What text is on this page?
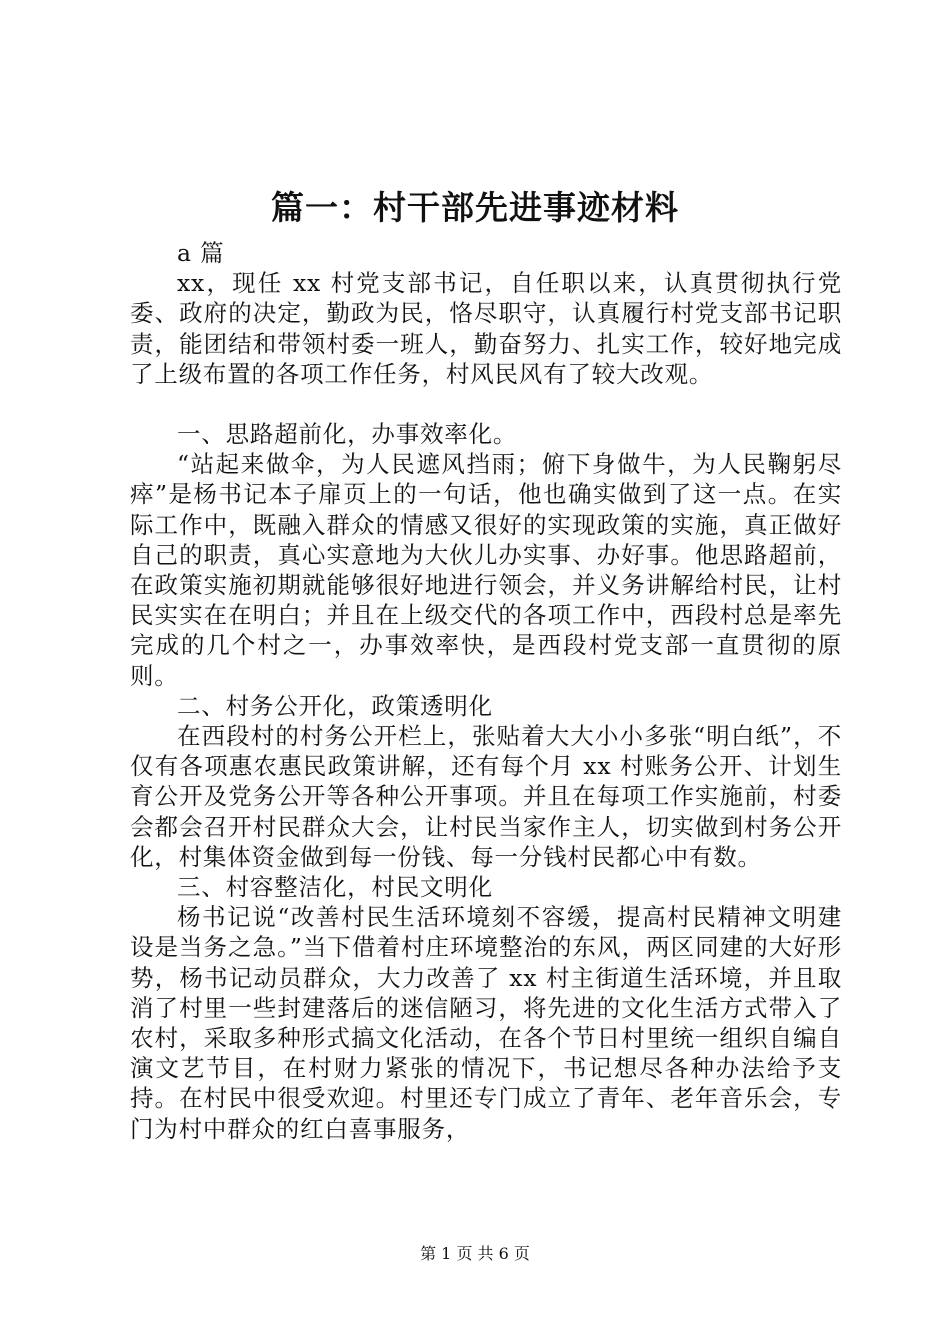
篇一：村干部先进事迹材料

a 篇

xx，现任 xx 村党支部书记，自任职以来，认真贯彻执行党委、政府的决定，勤政为民，恪尽职守，认真履行村党支部书记职责，能团结和带领村委一班人，勤奋努力、扎实工作，较好地完成了上级布置的各项工作任务，村风民风有了较大改观。

一、思路超前化，办事效率化。

“站起来做伞，为人民遮风挡雨；俯下身做牛，为人民鞠躬尽瘁”是杨书记本子扉页上的一句话，他也确实做到了这一点。在实际工作中，既融入群众的情感又很好的实现政策的实施，真正做好自己的职责，真心实意地为大伙儿办实事、办好事。他思路超前，在政策实施初期就能够很好地进行领会，并义务讲解给村民，让村民实实在在明白；并且在上级交代的各项工作中，西段村总是率先完成的几个村之一，办事效率快，是西段村党支部一直贯彻的原则。

二、村务公开化，政策透明化

在西段村的村务公开栏上，张贴着大大小小多张“明白纸”，不仅有各项惠农惠民政策讲解，还有每个月 xx 村账务公开、计划生育公开及党务公开等各种公开事项。并且在每项工作实施前，村委会都会召开村民群众大会，让村民当家作主人，切实做到村务公开化，村集体资金做到每一份钱、每一分钱村民都心中有数。

三、村容整洁化，村民文明化

杨书记说“改善村民生活环境刻不容缓，提高村民精神文明建设是当务之急。”当下借着村庄环境整治的东风，两区同建的大好形势，杨书记动员群众，大力改善了 xx 村主街道生活环境，并且取消了村里一些封建落后的迷信陋习，将先进的文化生活方式带入了农村，采取多种形式搞文化活动，在各个节日村里统一组织自编自演文艺节目，在村财力紧张的情况下，书记想尽各种办法给予支持。在村民中很受欢迎。村里还专门成立了青年、老年音乐会，专门为村中群众的红白喜事服务，

第 1 页 共 6 页
